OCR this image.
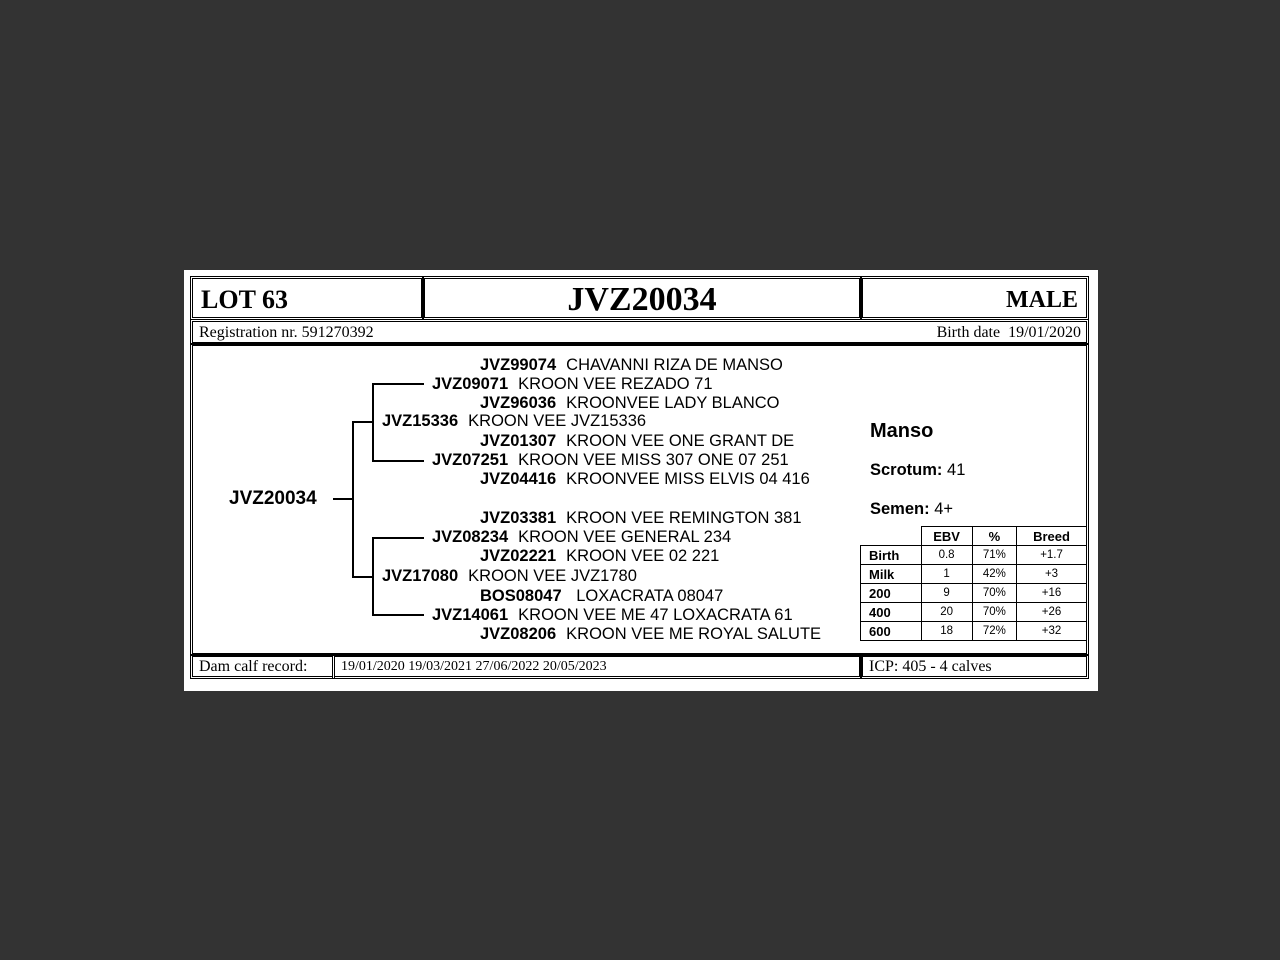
LOT 63	JVZ20034	MALE
Registration nr. 591270392	Birth date  19/01/2020
JVZ20034
JVZ99074 CHAVANNI RIZA DE MANSO
JVZ09071 KROON VEE REZADO 71
JVZ96036 KROONVEE LADY BLANCO
JVZ15336 KROON VEE JVZ15336
JVZ01307 KROON VEE ONE GRANT DE
JVZ07251 KROON VEE MISS 307 ONE 07 251
JVZ04416 KROONVEE MISS ELVIS 04 416
JVZ03381 KROON VEE REMINGTON 381
JVZ08234 KROON VEE GENERAL 234
JVZ02221 KROON VEE 02 221
JVZ17080 KROON VEE JVZ1780
BOS08047 LOXACRATA 08047
JVZ14061 KROON VEE ME 47 LOXACRATA 61
JVZ08206 KROON VEE ME ROYAL SALUTE
Manso
Scrotum: 41
Semen: 4+
	EBV	%	Breed
Birth	0.8	71%	+1.7
Milk	1	42%	+3
200	9	70%	+16
400	20	70%	+26
600	18	72%	+32
Dam calf record: 19/01/2020 19/03/2021 27/06/2022 20/05/2023	ICP: 405 - 4 calves
